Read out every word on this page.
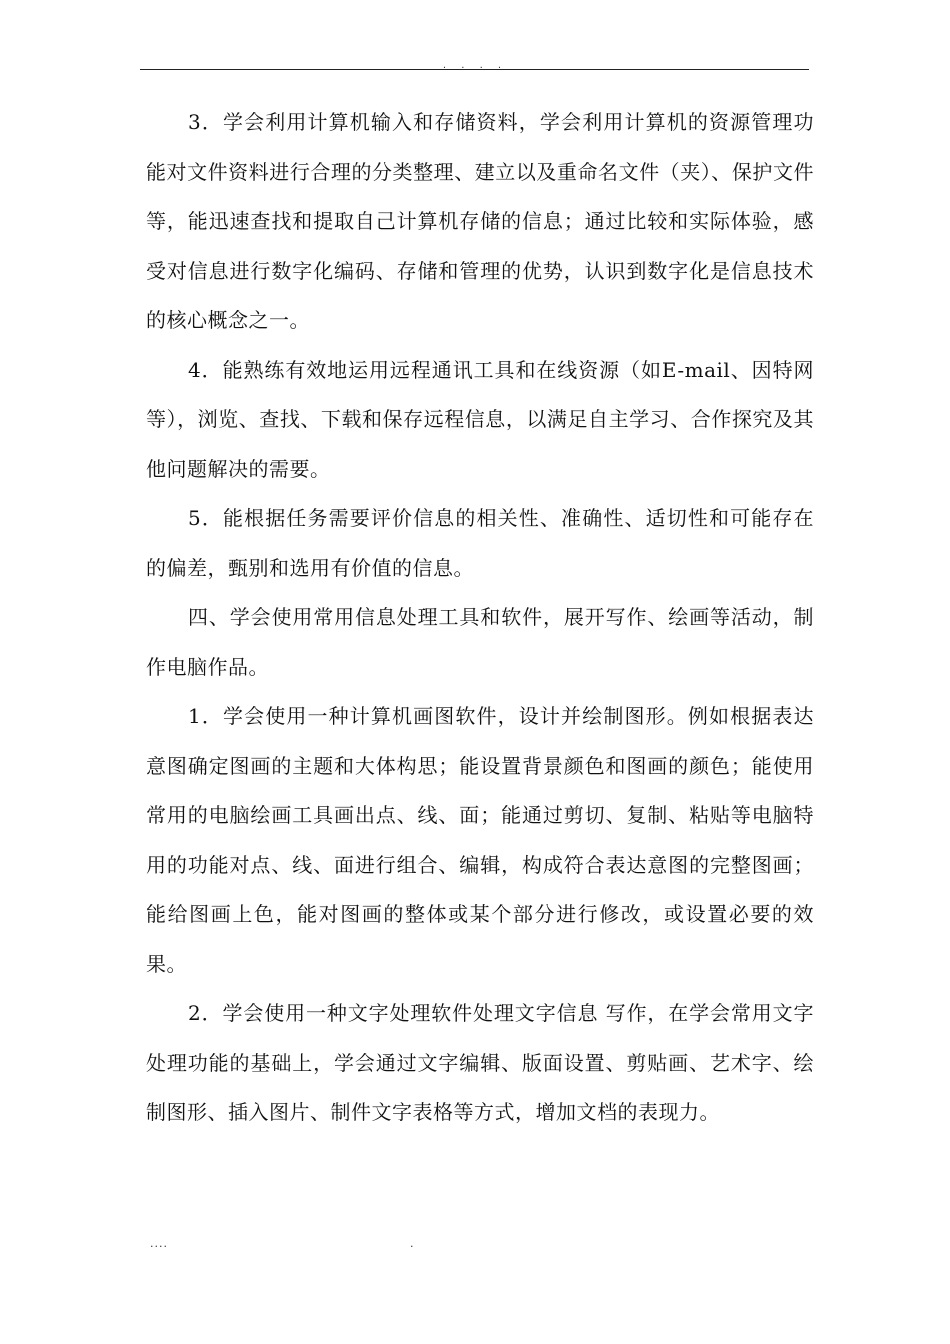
. . . .

3．学会利用计算机输入和存储资料，学会利用计算机的资源管理功能对文件资料进行合理的分类整理、建立以及重命名文件（夹）、保护文件等，能迅速查找和提取自己计算机存储的信息；通过比较和实际体验，感受对信息进行数字化编码、存储和管理的优势，认识到数字化是信息技术的核心概念之一。

4．能熟练有效地运用远程通讯工具和在线资源（如E-mail、因特网等），浏览、查找、下载和保存远程信息，以满足自主学习、合作探究及其他问题解决的需要。

5．能根据任务需要评价信息的相关性、准确性、适切性和可能存在的偏差，甄别和选用有价值的信息。

四、学会使用常用信息处理工具和软件，展开写作、绘画等活动，制作电脑作品。

1．学会使用一种计算机画图软件，设计并绘制图形。例如根据表达意图确定图画的主题和大体构思；能设置背景颜色和图画的颜色；能使用常用的电脑绘画工具画出点、线、面；能通过剪切、复制、粘贴等电脑特用的功能对点、线、面进行组合、编辑，构成符合表达意图的完整图画；能给图画上色，能对图画的整体或某个部分进行修改，或设置必要的效果。

2．学会使用一种文字处理软件处理文字信息 写作，在学会常用文字处理功能的基础上，学会通过文字编辑、版面设置、剪贴画、艺术字、绘制图形、插入图片、制件文字表格等方式，增加文档的表现力。

....	.
